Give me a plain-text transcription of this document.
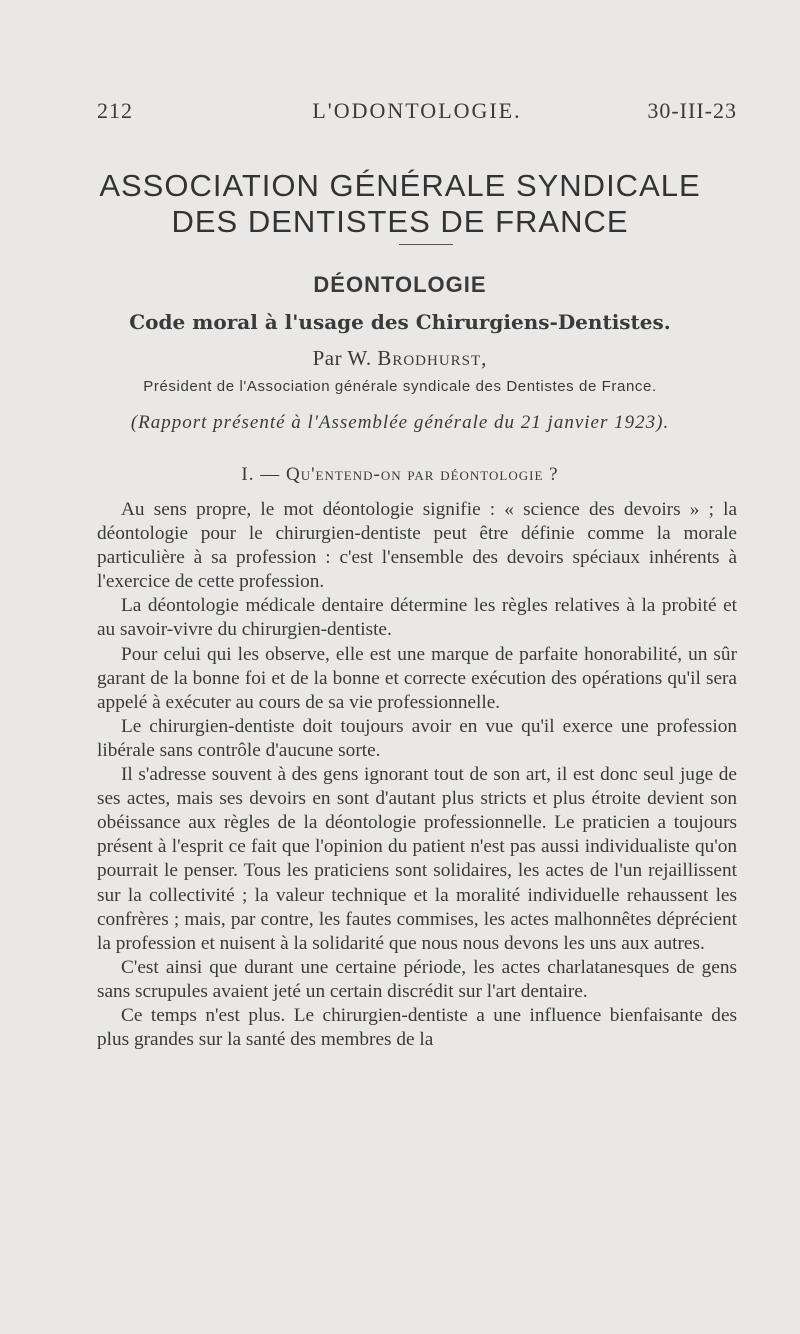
212	L'ODONTOLOGIE.	30-III-23
ASSOCIATION GÉNÉRALE SYNDICALE
DES DENTISTES DE FRANCE
DÉONTOLOGIE
Code moral à l'usage des Chirurgiens-Dentistes.
Par W. Brodhurst,
Président de l'Association générale syndicale des Dentistes de France.
(Rapport présenté à l'Assemblée générale du 21 janvier 1923).
I. — Qu'entend-on par déontologie ?

Au sens propre, le mot déontologie signifie : « science des devoirs » ; la déontologie pour le chirurgien-dentiste peut être définie comme la morale particulière à sa profession : c'est l'ensemble des devoirs spéciaux inhérents à l'exercice de cette profession.

La déontologie médicale dentaire détermine les règles relatives à la probité et au savoir-vivre du chirurgien-dentiste.

Pour celui qui les observe, elle est une marque de parfaite honorabilité, un sûr garant de la bonne foi et de la bonne et correcte exécution des opérations qu'il sera appelé à exécuter au cours de sa vie professionnelle.

Le chirurgien-dentiste doit toujours avoir en vue qu'il exerce une profession libérale sans contrôle d'aucune sorte.

Il s'adresse souvent à des gens ignorant tout de son art, il est donc seul juge de ses actes, mais ses devoirs en sont d'autant plus stricts et plus étroite devient son obéissance aux règles de la déontologie professionnelle. Le praticien a toujours présent à l'esprit ce fait que l'opinion du patient n'est pas aussi individualiste qu'on pourrait le penser. Tous les praticiens sont solidaires, les actes de l'un rejaillissent sur la collectivité ; la valeur technique et la moralité individuelle rehaussent les confrères ; mais, par contre, les fautes commises, les actes malhonnêtes déprécient la profession et nuisent à la solidarité que nous nous devons les uns aux autres.

C'est ainsi que durant une certaine période, les actes charlatanesques de gens sans scrupules avaient jeté un certain discrédit sur l'art dentaire.

Ce temps n'est plus. Le chirurgien-dentiste a une influence bienfaisante des plus grandes sur la santé des membres de la
